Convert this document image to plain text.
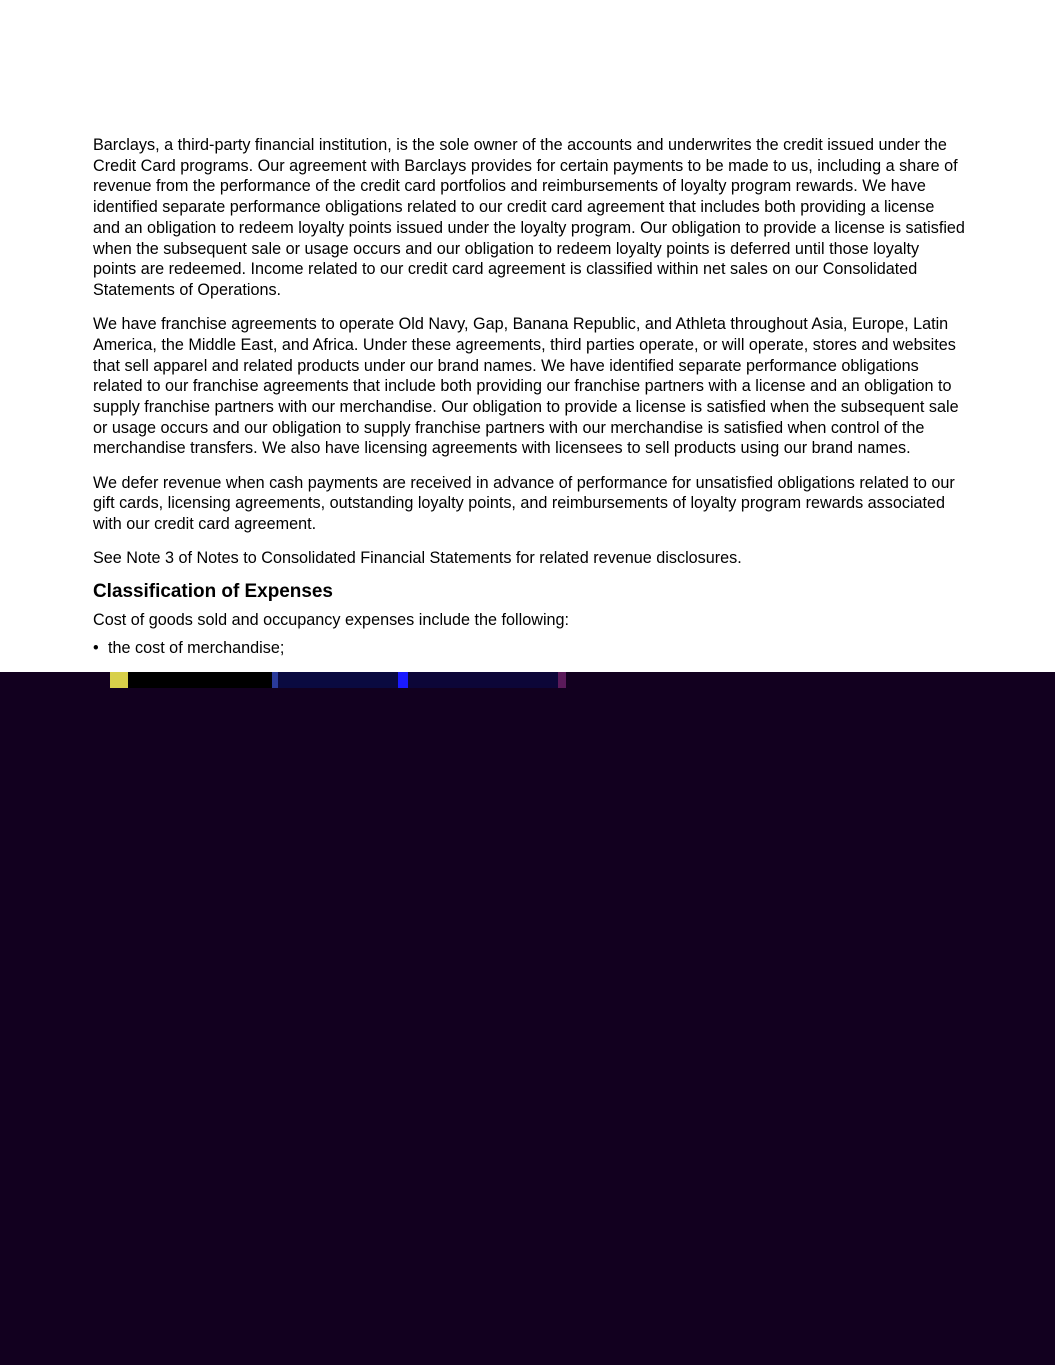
Barclays, a third-party financial institution, is the sole owner of the accounts and underwrites the credit issued under the Credit Card programs. Our agreement with Barclays provides for certain payments to be made to us, including a share of revenue from the performance of the credit card portfolios and reimbursements of loyalty program rewards. We have identified separate performance obligations related to our credit card agreement that includes both providing a license and an obligation to redeem loyalty points issued under the loyalty program. Our obligation to provide a license is satisfied when the subsequent sale or usage occurs and our obligation to redeem loyalty points is deferred until those loyalty points are redeemed. Income related to our credit card agreement is classified within net sales on our Consolidated Statements of Operations.

We have franchise agreements to operate Old Navy, Gap, Banana Republic, and Athleta throughout Asia, Europe, Latin America, the Middle East, and Africa. Under these agreements, third parties operate, or will operate, stores and websites that sell apparel and related products under our brand names. We have identified separate performance obligations related to our franchise agreements that include both providing our franchise partners with a license and an obligation to supply franchise partners with our merchandise. Our obligation to provide a license is satisfied when the subsequent sale or usage occurs and our obligation to supply franchise partners with our merchandise is satisfied when control of the merchandise transfers. We also have licensing agreements with licensees to sell products using our brand names.

We defer revenue when cash payments are received in advance of performance for unsatisfied obligations related to our gift cards, licensing agreements, outstanding loyalty points, and reimbursements of loyalty program rewards associated with our credit card agreement.

See Note 3 of Notes to Consolidated Financial Statements for related revenue disclosures.

Classification of Expenses

Cost of goods sold and occupancy expenses include the following:

• the cost of merchandise;
